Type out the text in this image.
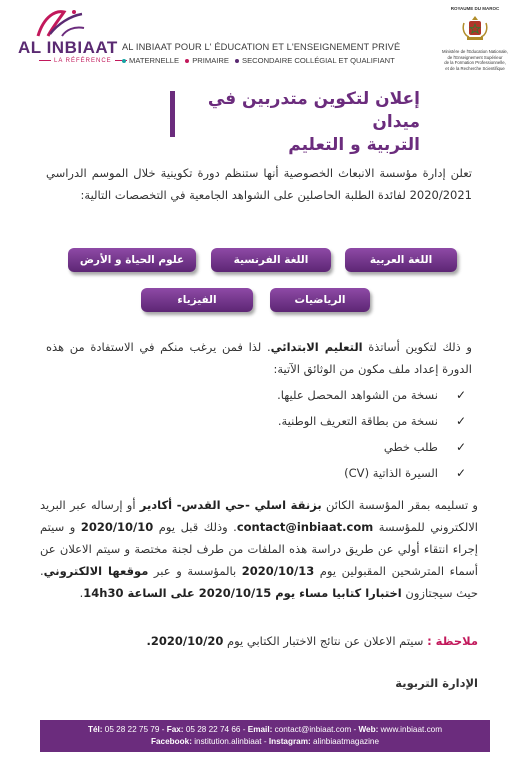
AL INBIAAT
LA RÉFÉRENCE
AL INBIAAT POUR L' ÉDUCATION ET L'ENSEIGNEMENT PRIVÉ
MATERNELLE PRIMAIRE SECONDAIRE COLLÉGIAL ET QUALIFIANT
ROYAUME DU MAROC
Ministère de l'Education Nationale,
de l'Enseignement Supérieur
de la Formation Professionnelle,
et de la Recherche Scientifique
إعلان لتكوين متدربين في ميدان
التربية و التعليم
تعلن إدارة مؤسسة الانبعاث الخصوصية أنها ستنظم دورة تكوينية خلال الموسم الدراسي 2020/2021 لفائدة الطلبة الحاصلين على الشواهد الجامعية في التخصصات التالية:
اللغة العربية
اللغة الفرنسية
علوم الحياة و الأرض
الرياضيات
الفيزياء
و ذلك لتكوين أساتذة التعليم الابتدائي. لذا فمن يرغب منكم في الاستفادة من هذه الدورة إعداد ملف مكون من الوثائق الآتية:
✓نسخة من الشواهد المحصل عليها.
✓نسخة من بطاقة التعريف الوطنية.
✓طلب خطي
✓السيرة الذاتية (CV)
و تسليمه بمقر المؤسسة الكائن بزنقة اسلي -حي القدس- أكادير أو إرساله عبر البريد الالكتروني للمؤسسة contact@inbiaat.com. وذلك قبل يوم 2020/10/10 و سيتم إجراء انتقاء أولي عن طريق دراسة هذه الملفات من طرف لجنة مختصة و سيتم الاعلان عن أسماء المترشحين المقبولين يوم 2020/10/13 بالمؤسسة و عبر موقعها الالكتروني. حيث سيجتازون اختبارا كتابيا مساء يوم 2020/10/15 على الساعة 14h30.
ملاحظة : سيتم الاعلان عن نتائج الاختبار الكتابي يوم 2020/10/20.
الإدارة التربوية
Tél: 05 28 22 75 79 - Fax: 05 28 22 74 66 - Email: contact@inbiaat.com - Web: www.inbiaat.com
Facebook: institution.alinbiaat - Instagram: alinbiaatmagazine
